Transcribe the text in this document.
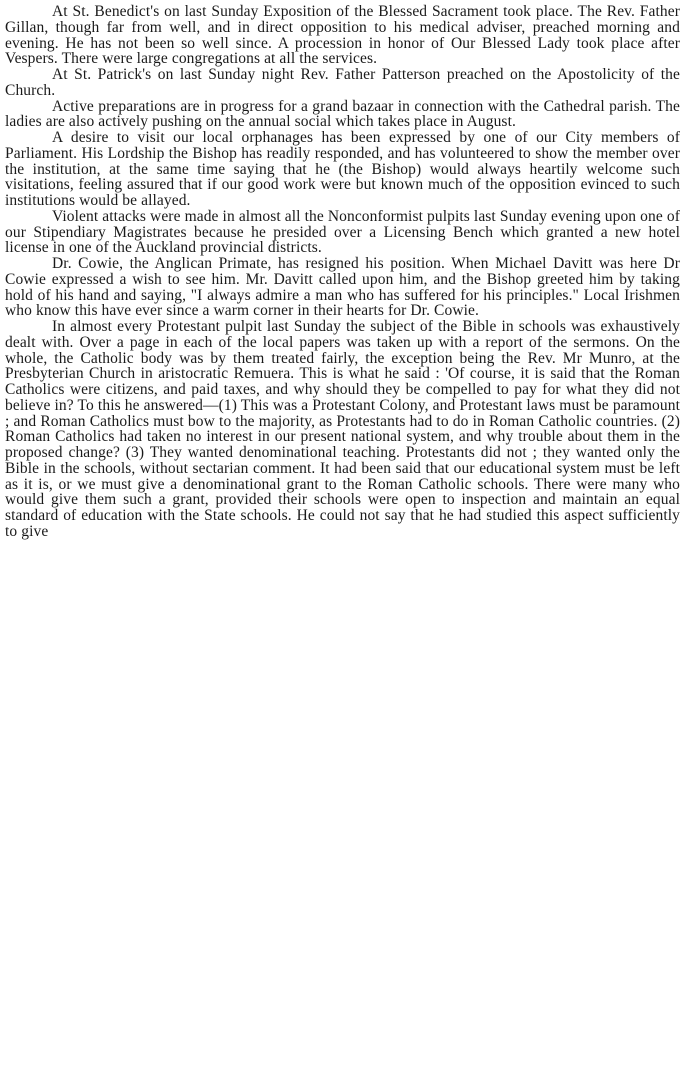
At St. Benedict's on last Sunday Exposition of the Blessed Sacrament took place. The Rev. Father Gillan, though far from well, and in direct opposition to his medical adviser, preached morning and evening. He has not been so well since. A procession in honor of Our Blessed Lady took place after Vespers. There were large congregations at all the services.

At St. Patrick's on last Sunday night Rev. Father Patterson preached on the Apostolicity of the Church.

Active preparations are in progress for a grand bazaar in connection with the Cathedral parish. The ladies are also actively pushing on the annual social which takes place in August.

A desire to visit our local orphanages has been expressed by one of our City members of Parliament. His Lordship the Bishop has readily responded, and has volunteered to show the member over the institution, at the same time saying that he (the Bishop) would always heartily welcome such visitations, feeling assured that if our good work were but known much of the opposition evinced to such institutions would be allayed.

Violent attacks were made in almost all the Nonconformist pulpits last Sunday evening upon one of our Stipendiary Magistrates because he presided over a Licensing Bench which granted a new hotel license in one of the Auckland provincial districts.

Dr. Cowie, the Anglican Primate, has resigned his position. When Michael Davitt was here Dr Cowie expressed a wish to see him. Mr. Davitt called upon him, and the Bishop greeted him by taking hold of his hand and saying, "I always admire a man who has suffered for his principles." Local Irishmen who know this have ever since a warm corner in their hearts for Dr. Cowie.

In almost every Protestant pulpit last Sunday the subject of the Bible in schools was exhaustively dealt with. Over a page in each of the local papers was taken up with a report of the sermons. On the whole, the Catholic body was by them treated fairly, the exception being the Rev. Mr Munro, at the Presbyterian Church in aristocratic Remuera. This is what he said : 'Of course, it is said that the Roman Catholics were citizens, and paid taxes, and why should they be compelled to pay for what they did not believe in? To this he answered—(1) This was a Protestant Colony, and Protestant laws must be paramount ; and Roman Catholics must bow to the majority, as Protestants had to do in Roman Catholic countries. (2) Roman Catholics had taken no interest in our present national system, and why trouble about them in the proposed change? (3) They wanted denominational teaching. Protestants did not ; they wanted only the Bible in the schools, without sectarian comment. It had been said that our educational system must be left as it is, or we must give a denominational grant to the Roman Catholic schools. There were many who would give them such a grant, provided their schools were open to inspection and maintain an equal standard of education with the State schools. He could not say that he had studied this aspect sufficiently to give
